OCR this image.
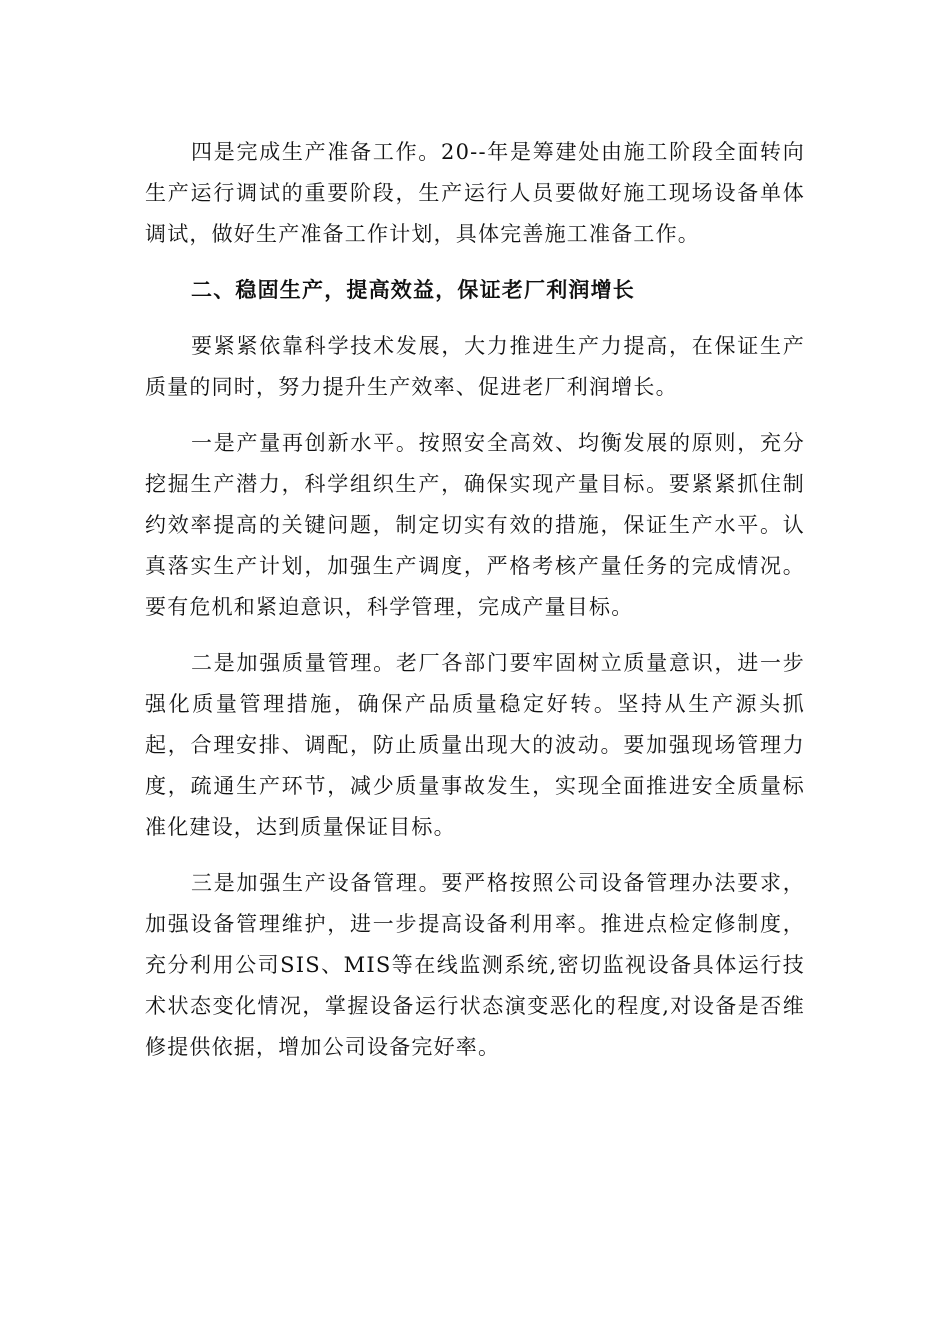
四是完成生产准备工作。20--年是筹建处由施工阶段全面转向生产运行调试的重要阶段，生产运行人员要做好施工现场设备单体调试，做好生产准备工作计划，具体完善施工准备工作。

二、稳固生产，提高效益，保证老厂利润增长

要紧紧依靠科学技术发展，大力推进生产力提高，在保证生产质量的同时，努力提升生产效率、促进老厂利润增长。

一是产量再创新水平。按照安全高效、均衡发展的原则，充分挖掘生产潜力，科学组织生产，确保实现产量目标。要紧紧抓住制约效率提高的关键问题，制定切实有效的措施，保证生产水平。认真落实生产计划，加强生产调度，严格考核产量任务的完成情况。要有危机和紧迫意识，科学管理，完成产量目标。

二是加强质量管理。老厂各部门要牢固树立质量意识，进一步强化质量管理措施，确保产品质量稳定好转。坚持从生产源头抓起，合理安排、调配，防止质量出现大的波动。要加强现场管理力度，疏通生产环节，减少质量事故发生，实现全面推进安全质量标准化建设，达到质量保证目标。

三是加强生产设备管理。要严格按照公司设备管理办法要求，加强设备管理维护，进一步提高设备利用率。推进点检定修制度，充分利用公司SIS、MIS等在线监测系统,密切监视设备具体运行技术状态变化情况，掌握设备运行状态演变恶化的程度,对设备是否维修提供依据，增加公司设备完好率。
